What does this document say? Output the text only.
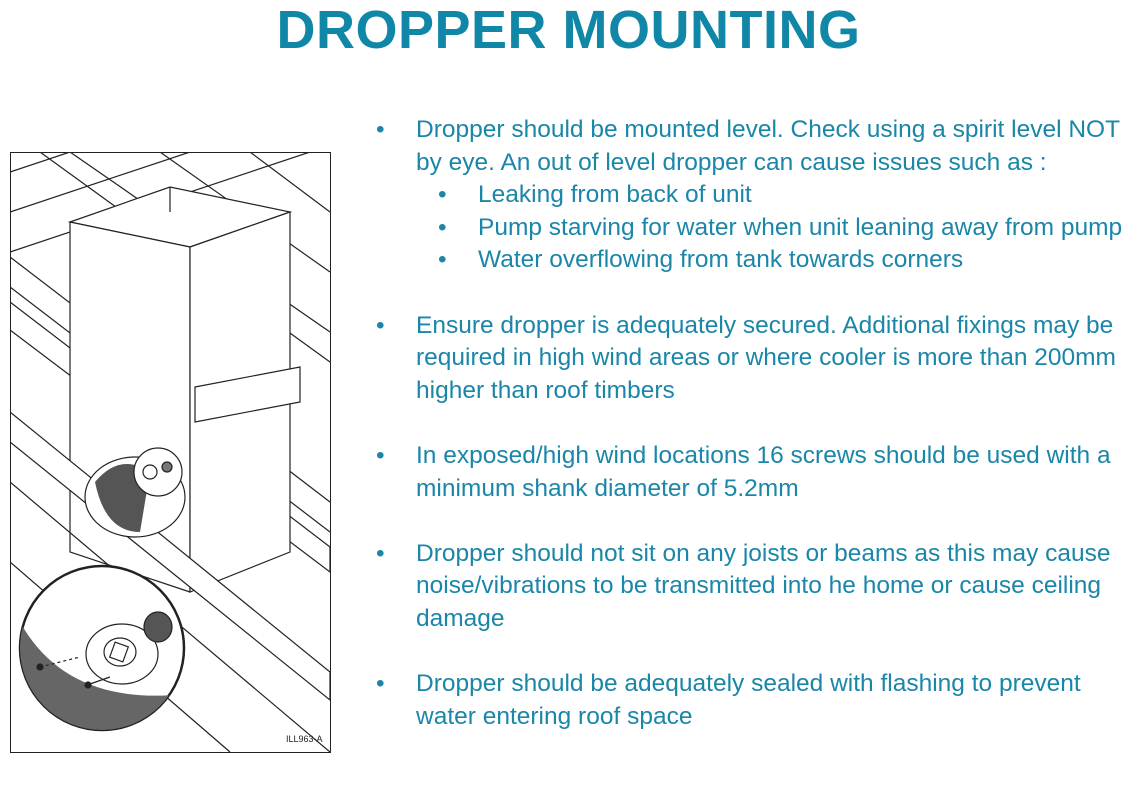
DROPPER MOUNTING
ILL963-A
• Dropper should be mounted level. Check using a spirit level NOT by eye. An out of level dropper can cause issues such as :
• Leaking from back of unit
• Pump starving for water when unit leaning away from pump
• Water overflowing from tank towards corners
• Ensure dropper is adequately secured. Additional fixings may be required in high wind areas or where cooler is more than 200mm higher than roof timbers
• In exposed/high wind locations 16 screws should be used with a minimum shank diameter of 5.2mm
• Dropper should not sit on any joists or beams as this may cause noise/vibrations to be transmitted into he home or cause ceiling damage
• Dropper should be adequately sealed with flashing to prevent water entering roof space
